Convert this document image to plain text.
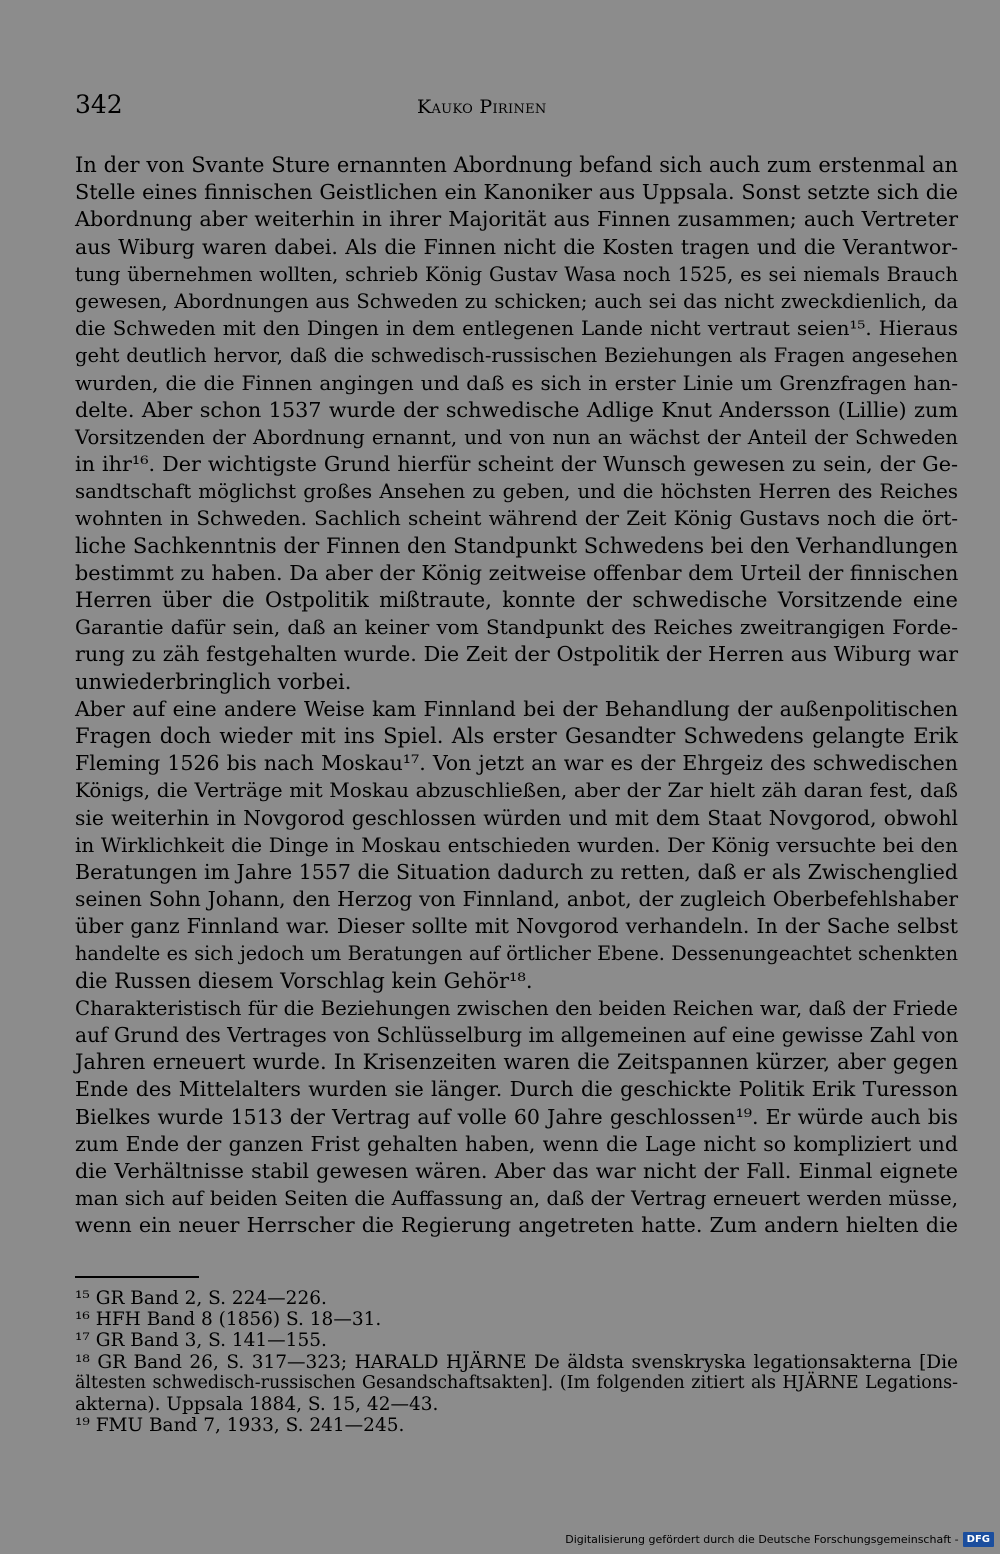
342	Kauko Pirinen
In der von Svante Sture ernannten Abordnung befand sich auch zum erstenmal an
Stelle eines finnischen Geistlichen ein Kanoniker aus Uppsala. Sonst setzte sich die
Abordnung aber weiterhin in ihrer Majorität aus Finnen zusammen; auch Vertreter
aus Wiburg waren dabei. Als die Finnen nicht die Kosten tragen und die Verantwor-
tung übernehmen wollten, schrieb König Gustav Wasa noch 1525, es sei niemals Brauch
gewesen, Abordnungen aus Schweden zu schicken; auch sei das nicht zweckdienlich, da
die Schweden mit den Dingen in dem entlegenen Lande nicht vertraut seien¹⁵. Hieraus
geht deutlich hervor, daß die schwedisch-russischen Beziehungen als Fragen angesehen
wurden, die die Finnen angingen und daß es sich in erster Linie um Grenzfragen han-
delte. Aber schon 1537 wurde der schwedische Adlige Knut Andersson (Lillie) zum
Vorsitzenden der Abordnung ernannt, und von nun an wächst der Anteil der Schweden
in ihr¹⁶. Der wichtigste Grund hierfür scheint der Wunsch gewesen zu sein, der Ge-
sandtschaft möglichst großes Ansehen zu geben, und die höchsten Herren des Reiches
wohnten in Schweden. Sachlich scheint während der Zeit König Gustavs noch die ört-
liche Sachkenntnis der Finnen den Standpunkt Schwedens bei den Verhandlungen
bestimmt zu haben. Da aber der König zeitweise offenbar dem Urteil der finnischen
Herren über die Ostpolitik mißtraute, konnte der schwedische Vorsitzende eine
Garantie dafür sein, daß an keiner vom Standpunkt des Reiches zweitrangigen Forde-
rung zu zäh festgehalten wurde. Die Zeit der Ostpolitik der Herren aus Wiburg war
unwiederbringlich vorbei.
Aber auf eine andere Weise kam Finnland bei der Behandlung der außenpolitischen
Fragen doch wieder mit ins Spiel. Als erster Gesandter Schwedens gelangte Erik
Fleming 1526 bis nach Moskau¹⁷. Von jetzt an war es der Ehrgeiz des schwedischen
Königs, die Verträge mit Moskau abzuschließen, aber der Zar hielt zäh daran fest, daß
sie weiterhin in Novgorod geschlossen würden und mit dem Staat Novgorod, obwohl
in Wirklichkeit die Dinge in Moskau entschieden wurden. Der König versuchte bei den
Beratungen im Jahre 1557 die Situation dadurch zu retten, daß er als Zwischenglied
seinen Sohn Johann, den Herzog von Finnland, anbot, der zugleich Oberbefehlshaber
über ganz Finnland war. Dieser sollte mit Novgorod verhandeln. In der Sache selbst
handelte es sich jedoch um Beratungen auf örtlicher Ebene. Dessenungeachtet schenkten
die Russen diesem Vorschlag kein Gehör¹⁸.
Charakteristisch für die Beziehungen zwischen den beiden Reichen war, daß der Friede
auf Grund des Vertrages von Schlüsselburg im allgemeinen auf eine gewisse Zahl von
Jahren erneuert wurde. In Krisenzeiten waren die Zeitspannen kürzer, aber gegen
Ende des Mittelalters wurden sie länger. Durch die geschickte Politik Erik Turesson
Bielkes wurde 1513 der Vertrag auf volle 60 Jahre geschlossen¹⁹. Er würde auch bis
zum Ende der ganzen Frist gehalten haben, wenn die Lage nicht so kompliziert und
die Verhältnisse stabil gewesen wären. Aber das war nicht der Fall. Einmal eignete
man sich auf beiden Seiten die Auffassung an, daß der Vertrag erneuert werden müsse,
wenn ein neuer Herrscher die Regierung angetreten hatte. Zum andern hielten die
¹⁵ GR Band 2, S. 224—226.
¹⁶ HFH Band 8 (1856) S. 18—31.
¹⁷ GR Band 3, S. 141—155.
¹⁸ GR Band 26, S. 317—323; HARALD HJÄRNE De äldsta svenskryska legationsakterna [Die
ältesten schwedisch-russischen Gesandschaftsakten]. (Im folgenden zitiert als HJÄRNE Legations-
akterna). Uppsala 1884, S. 15, 42—43.
¹⁹ FMU Band 7, 1933, S. 241—245.
Digitalisierung gefördert durch die Deutsche Forschungsgemeinschaft - DFG
